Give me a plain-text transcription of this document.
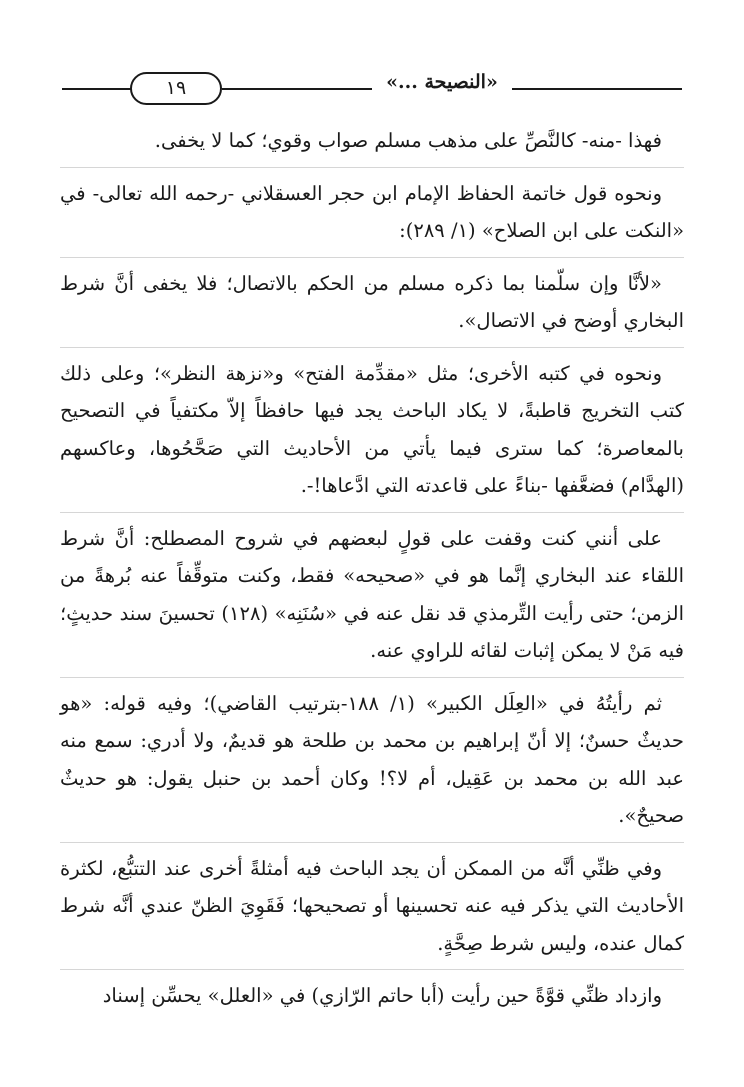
١٩	«النصيحة ...»

فهذا -منه- كالنَّصِّ على مذهب مسلم صواب وقوي؛ كما لا يخفى.

ونحوه قول خاتمة الحفاظ الإمام ابن حجر العسقلاني -رحمه الله تعالى- في «النكت على ابن الصلاح» (١/ ٢٨٩):

«لأنَّا وإن سلّمنا بما ذكره مسلم من الحكم بالاتصال؛ فلا يخفى أنَّ شرط البخاري أوضح في الاتصال».

ونحوه في كتبه الأخرى؛ مثل «مقدِّمة الفتح» و«نزهة النظر»؛ وعلى ذلك كتب التخريج قاطبةً، لا يكاد الباحث يجد فيها حافظاً إلاّ مكتفياً في التصحيح بالمعاصرة؛ كما سترى فيما يأتي من الأحاديث التي صَحَّحُوها، وعاكسهم (الهدَّام) فضعَّفها -بناءً على قاعدته التي ادَّعاها!-.

على أنني كنت وقفت على قولٍ لبعضهم في شروح المصطلح: أنَّ شرط اللقاء عند البخاري إنَّما هو في «صحيحه» فقط، وكنت متوقِّفاً عنه بُرهةً من الزمن؛ حتى رأيت التِّرمذي قد نقل عنه في «سُنَنِه» (١٢٨) تحسينَ سند حديثٍ؛ فيه مَنْ لا يمكن إثبات لقائه للراوي عنه.

ثم رأيتُهُ في «العِلَل الكبير» (١/ ١٨٨-بترتيب القاضي)؛ وفيه قوله: «هو حديثٌ حسنٌ؛ إلا أنّ إبراهيم بن محمد بن طلحة هو قديمٌ، ولا أدري: سمع منه عبد الله بن محمد بن عَقِيل، أم لا؟! وكان أحمد بن حنبل يقول: هو حديثٌ صحيحٌ».

وفي ظنِّي أنَّه من الممكن أن يجد الباحث فيه أمثلةً أخرى عند التتبُّع، لكثرة الأحاديث التي يذكر فيه عنه تحسينها أو تصحيحها؛ فَقَوِيَ الظنّ عندي أنَّه شرط كمال عنده، وليس شرط صِحَّةٍ.

وازداد ظنِّي قوَّةً حين رأيت (أبا حاتم الرّازي) في «العلل» يحسِّن إسناد
